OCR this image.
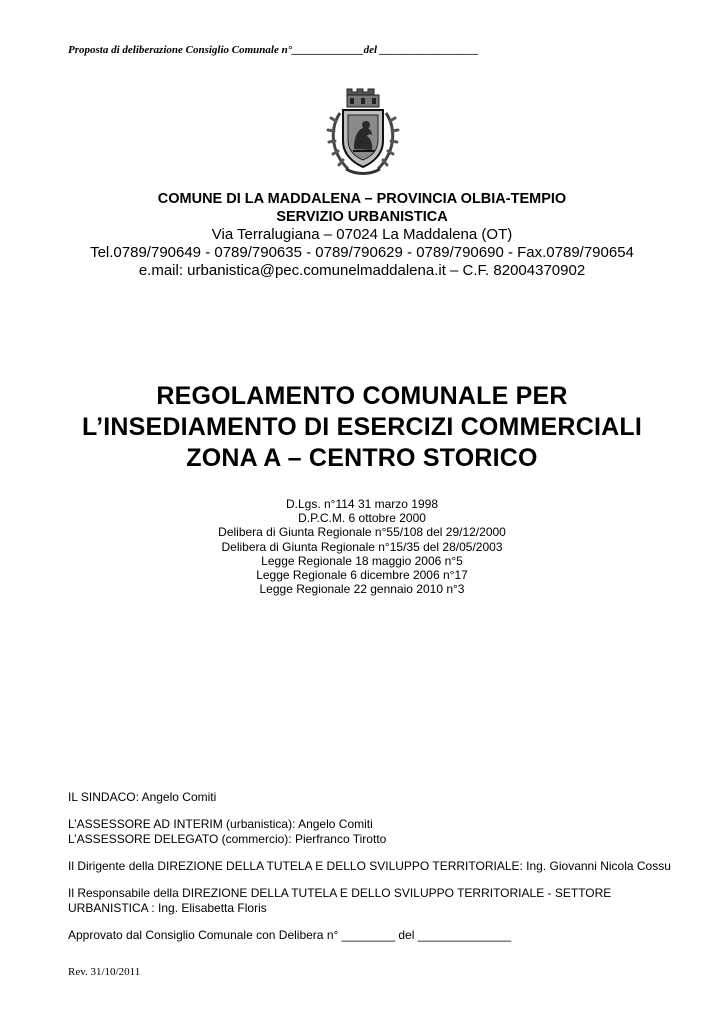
Proposta di deliberazione Consiglio Comunale n°_____________del __________________
COMUNE DI LA MADDALENA – PROVINCIA OLBIA-TEMPIO
SERVIZIO URBANISTICA
Via Terralugiana – 07024 La Maddalena (OT)
Tel.0789/790649 - 0789/790635 - 0789/790629 - 0789/790690 - Fax.0789/790654
e.mail: urbanistica@pec.comunelmaddalena.it – C.F. 82004370902
REGOLAMENTO COMUNALE PER
L’INSEDIAMENTO DI ESERCIZI COMMERCIALI
ZONA A – CENTRO STORICO
D.Lgs. n°114 31 marzo 1998
D.P.C.M. 6 ottobre 2000
Delibera di Giunta Regionale n°55/108 del 29/12/2000
Delibera di Giunta Regionale n°15/35 del 28/05/2003
Legge Regionale 18 maggio 2006 n°5
Legge Regionale 6 dicembre 2006 n°17
Legge Regionale 22 gennaio 2010 n°3
IL SINDACO: Angelo Comiti
L’ASSESSORE AD INTERIM (urbanistica): Angelo Comiti
L’ASSESSORE DELEGATO (commercio): Pierfranco Tirotto
Il Dirigente della DIREZIONE DELLA TUTELA E DELLO SVILUPPO TERRITORIALE: Ing. Giovanni Nicola Cossu
Il Responsabile della DIREZIONE DELLA TUTELA E DELLO SVILUPPO TERRITORIALE - SETTORE
URBANISTICA : Ing. Elisabetta Floris
Approvato dal Consiglio Comunale con Delibera n° ________ del ______________
Rev. 31/10/2011
